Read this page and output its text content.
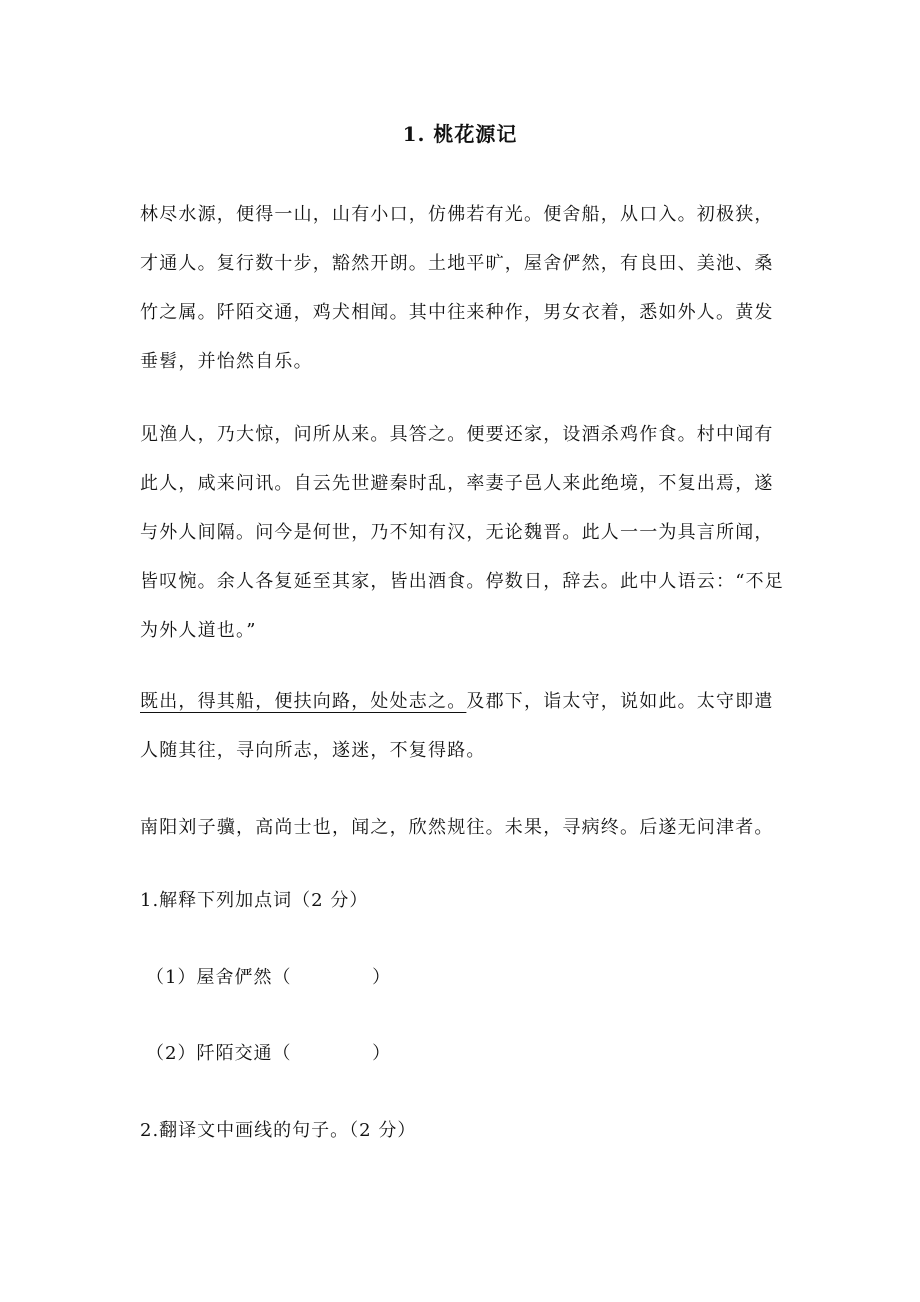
1. 桃花源记
林尽水源，便得一山，山有小口，仿佛若有光。便舍船，从口入。初极狭，才通人。复行数十步，豁然开朗。土地平旷，屋舍俨然，有良田、美池、桑竹之属。阡陌交通，鸡犬相闻。其中往来种作，男女衣着，悉如外人。黄发垂髫，并怡然自乐。
见渔人，乃大惊，问所从来。具答之。便要还家，设酒杀鸡作食。村中闻有此人，咸来问讯。自云先世避秦时乱，率妻子邑人来此绝境，不复出焉，遂与外人间隔。问今是何世，乃不知有汉，无论魏晋。此人一一为具言所闻，皆叹惋。余人各复延至其家，皆出酒食。停数日，辞去。此中人语云：“不足为外人道也。”
既出，得其船，便扶向路，处处志之。及郡下，诣太守，说如此。太守即遣人随其往，寻向所志，遂迷，不复得路。
南阳刘子骥，高尚士也，闻之，欣然规往。未果，寻病终。后遂无问津者。
1.解释下列加点词（2 分）
（1）屋舍俨然（            ）
（2）阡陌交通（            ）
2.翻译文中画线的句子。（2 分）
